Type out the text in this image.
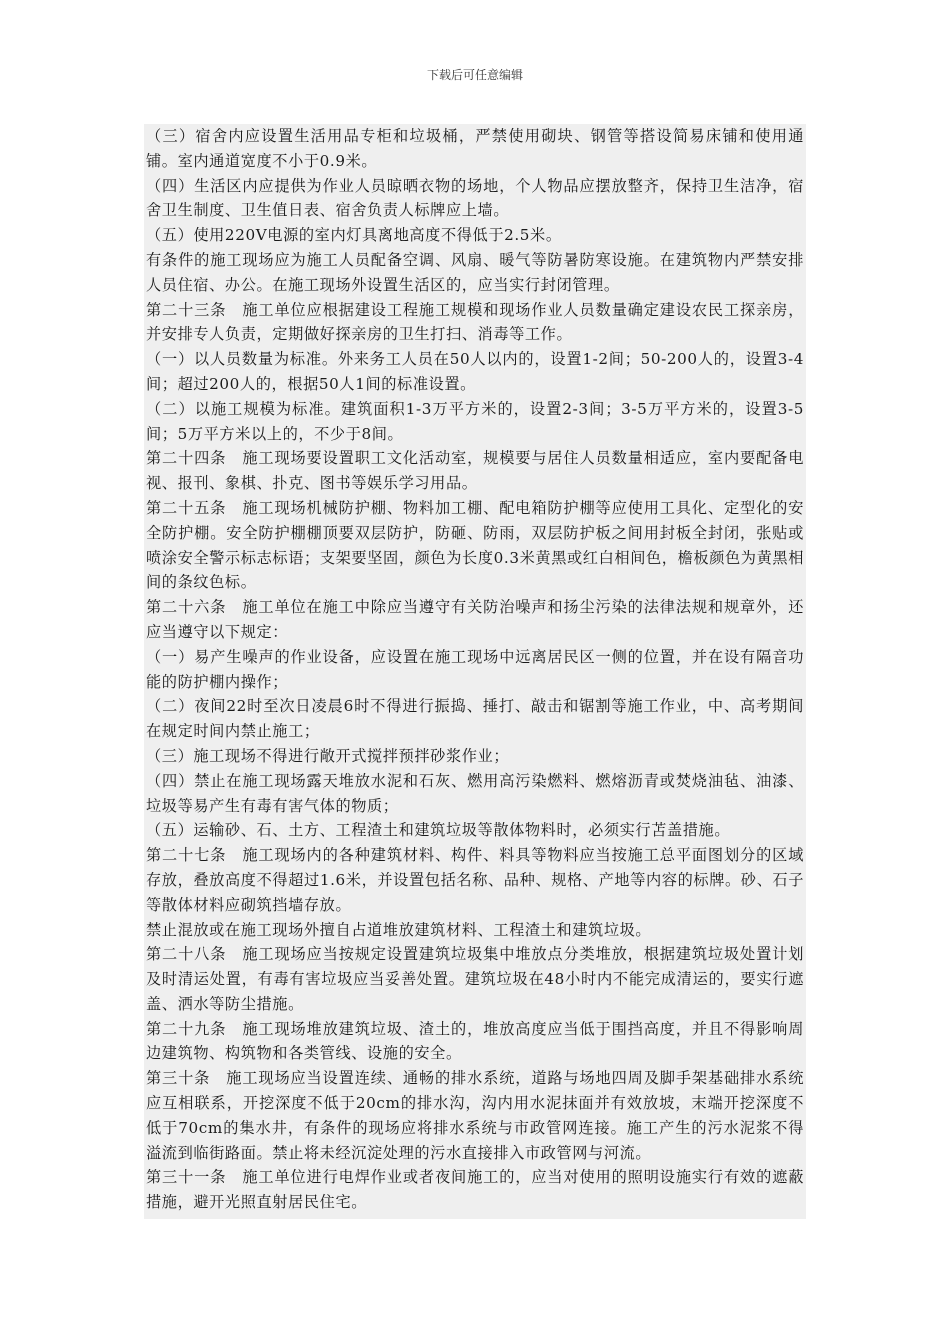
下载后可任意编辑

（三）宿舍内应设置生活用品专柜和垃圾桶，严禁使用砌块、钢管等搭设简易床铺和使用通铺。室内通道宽度不小于0.9米。

（四）生活区内应提供为作业人员晾晒衣物的场地，个人物品应摆放整齐，保持卫生洁净，宿舍卫生制度、卫生值日表、宿舍负责人标牌应上墙。

（五）使用220V电源的室内灯具离地高度不得低于2.5米。

有条件的施工现场应为施工人员配备空调、风扇、暖气等防暑防寒设施。在建筑物内严禁安排人员住宿、办公。在施工现场外设置生活区的，应当实行封闭管理。

第二十三条　施工单位应根据建设工程施工规模和现场作业人员数量确定建设农民工探亲房，并安排专人负责，定期做好探亲房的卫生打扫、消毒等工作。

（一）以人员数量为标准。外来务工人员在50人以内的，设置1-2间；50-200人的，设置3-4间；超过200人的，根据50人1间的标准设置。

（二）以施工规模为标准。建筑面积1-3万平方米的，设置2-3间；3-5万平方米的，设置3-5间；5万平方米以上的，不少于8间。

第二十四条　施工现场要设置职工文化活动室，规模要与居住人员数量相适应，室内要配备电视、报刊、象棋、扑克、图书等娱乐学习用品。

第二十五条　施工现场机械防护棚、物料加工棚、配电箱防护棚等应使用工具化、定型化的安全防护棚。安全防护棚棚顶要双层防护，防砸、防雨，双层防护板之间用封板全封闭，张贴或喷涂安全警示标志标语；支架要坚固，颜色为长度0.3米黄黑或红白相间色，檐板颜色为黄黑相间的条纹色标。

第二十六条　施工单位在施工中除应当遵守有关防治噪声和扬尘污染的法律法规和规章外，还应当遵守以下规定：

（一）易产生噪声的作业设备，应设置在施工现场中远离居民区一侧的位置，并在设有隔音功能的防护棚内操作；

（二）夜间22时至次日凌晨6时不得进行振捣、捶打、敲击和锯割等施工作业，中、高考期间在规定时间内禁止施工；

（三）施工现场不得进行敞开式搅拌预拌砂浆作业；

（四）禁止在施工现场露天堆放水泥和石灰、燃用高污染燃料、燃熔沥青或焚烧油毡、油漆、垃圾等易产生有毒有害气体的物质；

（五）运输砂、石、土方、工程渣土和建筑垃圾等散体物料时，必须实行苫盖措施。

第二十七条　施工现场内的各种建筑材料、构件、料具等物料应当按施工总平面图划分的区域存放，叠放高度不得超过1.6米，并设置包括名称、品种、规格、产地等内容的标牌。砂、石子等散体材料应砌筑挡墙存放。

禁止混放或在施工现场外擅自占道堆放建筑材料、工程渣土和建筑垃圾。

第二十八条　施工现场应当按规定设置建筑垃圾集中堆放点分类堆放，根据建筑垃圾处置计划及时清运处置，有毒有害垃圾应当妥善处置。建筑垃圾在48小时内不能完成清运的，要实行遮盖、洒水等防尘措施。

第二十九条　施工现场堆放建筑垃圾、渣土的，堆放高度应当低于围挡高度，并且不得影响周边建筑物、构筑物和各类管线、设施的安全。

第三十条　施工现场应当设置连续、通畅的排水系统，道路与场地四周及脚手架基础排水系统应互相联系，开挖深度不低于20cm的排水沟，沟内用水泥抹面并有效放坡，末端开挖深度不低于70cm的集水井，有条件的现场应将排水系统与市政管网连接。施工产生的污水泥浆不得溢流到临街路面。禁止将未经沉淀处理的污水直接排入市政管网与河流。

第三十一条　施工单位进行电焊作业或者夜间施工的，应当对使用的照明设施实行有效的遮蔽措施，避开光照直射居民住宅。
